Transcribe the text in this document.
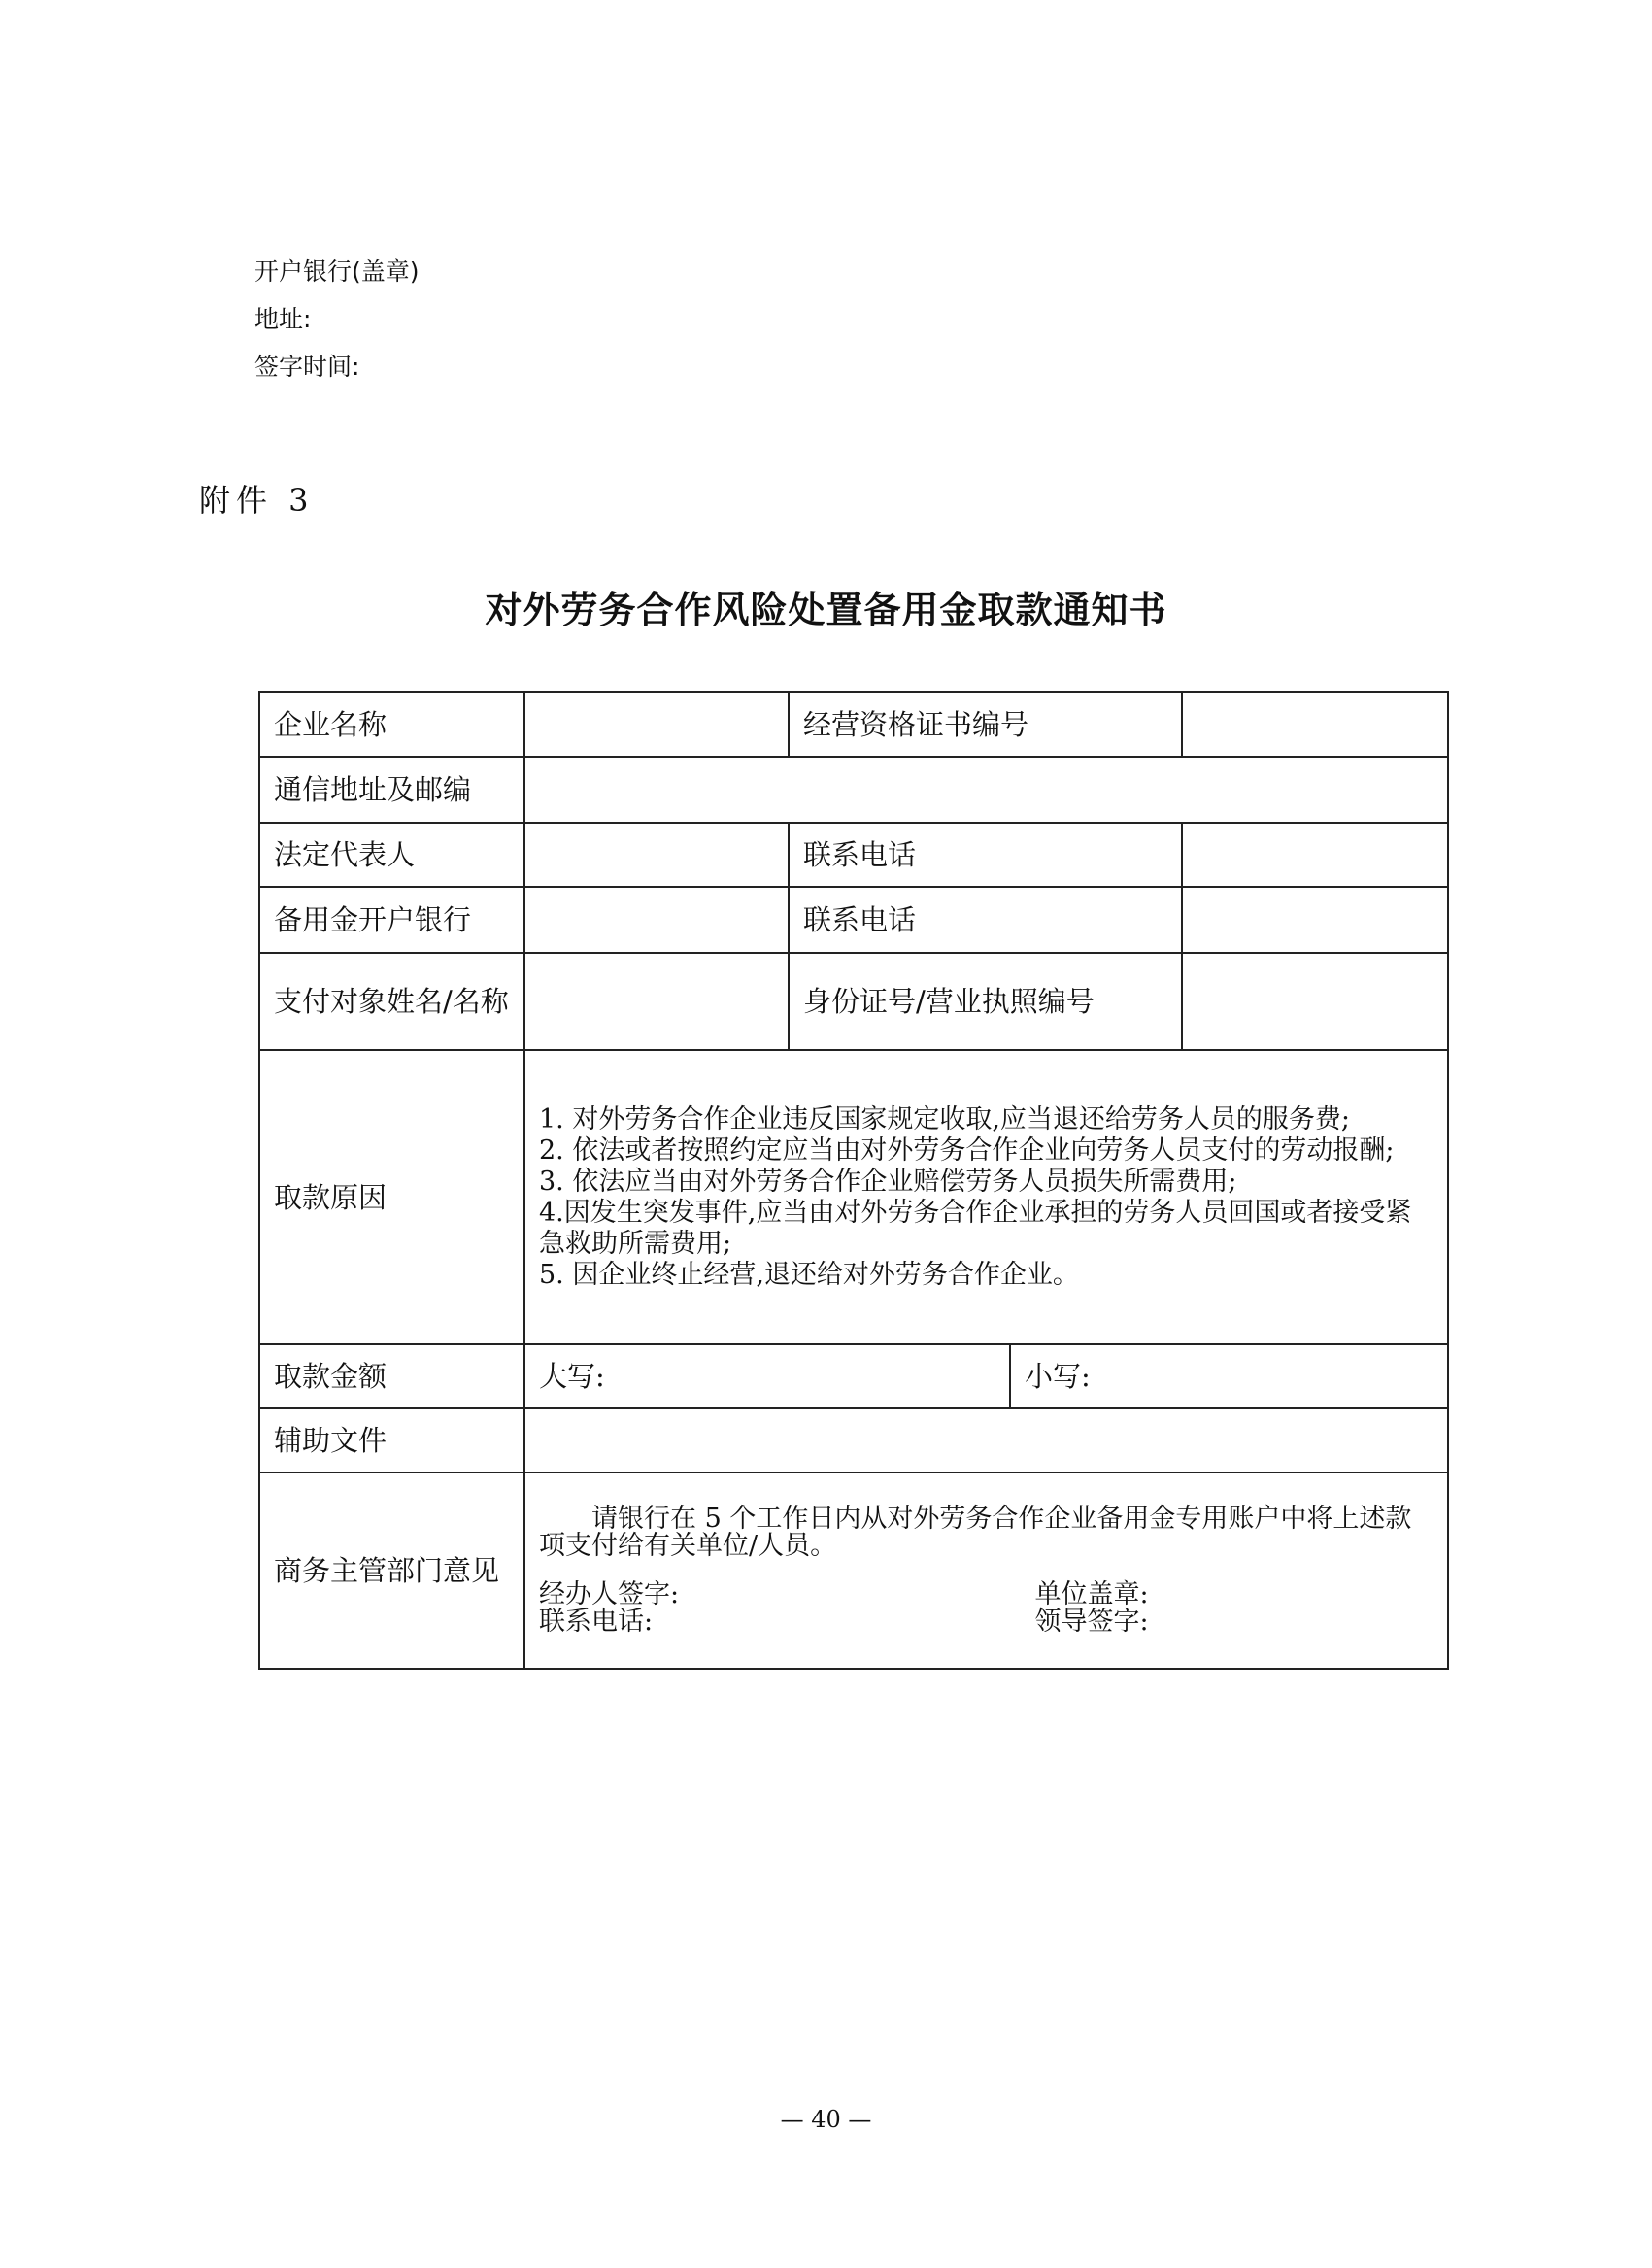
开户银行(盖章)
地址:
签字时间:
附件 3
对外劳务合作风险处置备用金取款通知书
企业名称		经营资格证书编号	
通信地址及邮编			
法定代表人		联系电话	
备用金开户银行		联系电话	
支付对象姓名/名称		身份证号/营业执照编号	
取款原因	1. 对外劳务合作企业违反国家规定收取,应当退还给劳务人员的服务费;
2. 依法或者按照约定应当由对外劳务合作企业向劳务人员支付的劳动报酬;
3. 依法应当由对外劳务合作企业赔偿劳务人员损失所需费用;
4.因发生突发事件,应当由对外劳务合作企业承担的劳务人员回国或者接受紧急救助所需费用;
5. 因企业终止经营,退还给对外劳务合作企业。		

取款金额	大写: 小写:		

辅助文件			
商务主管部门意见	请银行在 5 个工作日内从对外劳务合作企业备用金专用账户中将上述款项支付给有关单位/人员。
经办人签字: 单位盖章:
联系电话: 领导签字:		
— 40 —
